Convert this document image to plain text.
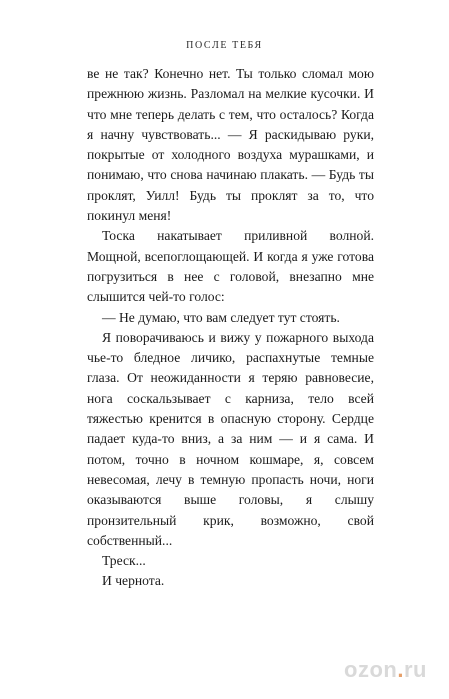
ПОСЛЕ ТЕБЯ

ве не так? Конечно нет. Ты только сломал мою прежнюю жизнь. Разломал на мелкие кусочки. И что мне теперь делать с тем, что осталось? Когда я начну чувствовать... — Я раскидываю руки, покрытые от холодного воздуха мурашками, и понимаю, что снова начинаю плакать. — Будь ты проклят, Уилл! Будь ты проклят за то, что покинул меня!

Тоска накатывает приливной волной. Мощной, всепоглощающей. И когда я уже готова погрузиться в нее с головой, внезапно мне слышится чей-то голос:

— Не думаю, что вам следует тут стоять.

Я поворачиваюсь и вижу у пожарного выхода чье-то бледное личико, распахнутые темные глаза. От неожиданности я теряю равновесие, нога соскальзывает с карниза, тело всей тяжестью кренится в опасную сторону. Сердце падает куда-то вниз, а за ним — и я сама. И потом, точно в ночном кошмаре, я, совсем невесомая, лечу в темную пропасть ночи, ноги оказываются выше головы, я слышу пронзительный крик, возможно, свой собственный...

Треск...

И чернота.

ozon.ru
